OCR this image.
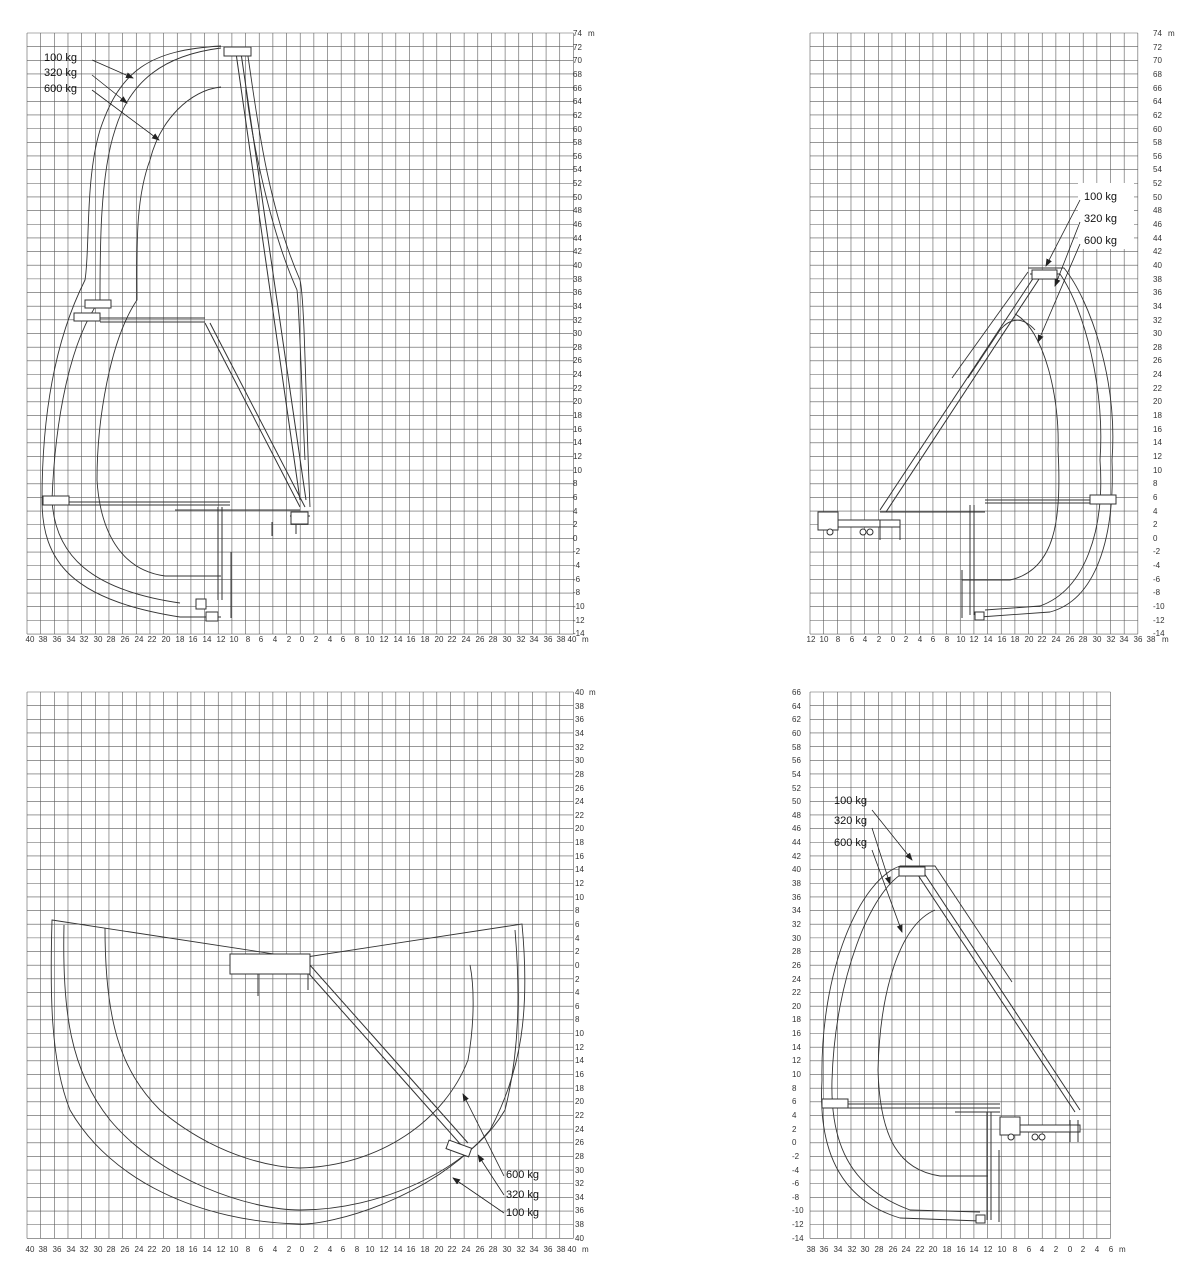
74
72
70
68
66
64
62
60
58
56
54
52
50
48
46
44
42
40
38
36
34
32
30
28
26
24
22
20
18
16
14
12
10
8
6
4
2
0
-2
-4
-6
-8
-10
-12
-14
m
40 38 36 34 32 30 28 26 24 22 20 18 16 14 12 10 8 6 4 2 0 2 4 6 8 10 12 14 16 18 20 22 24 26 28 30 32 34 36 38 40 m
100 kg
320 kg
600 kg
74
72
70
68
66
64
62
60
58
56
54
52
50
48
46
44
42
40
38
36
34
32
30
28
26
24
22
20
18
16
14
12
10
8
6
4
2
0
-2
-4
-6
-8
-10
-12
-14
m
12 10 8 6 4 2 0 2 4 6 8 10 12 14 16 18 20 22 24 26 28 30 32 34 36 38 m
100 kg
320 kg
600 kg
40
38
36
34
32
30
28
26
24
22
20
18
16
14
12
10
8
6
4
2
0
2
4
6
8
10
12
14
16
18
20
22
24
26
28
30
32
34
36
38
40
m
40 38 36 34 32 30 28 26 24 22 20 18 16 14 12 10 8 6 4 2 0 2 4 6 8 10 12 14 16 18 20 22 24 26 28 30 32 34 36 38 40 m
600 kg
320 kg
100 kg
66
64
62
60
58
56
54
52
50
48
46
44
42
40
38
36
34
32
30
28
26
24
22
20
18
16
14
12
10
8
6
4
2
0
-2
-4
-6
-8
-10
-12
-14
38 36 34 32 30 28 26 24 22 20 18 16 14 12 10 8 6 4 2 0 2 4 6 m
100 kg
320 kg
600 kg
